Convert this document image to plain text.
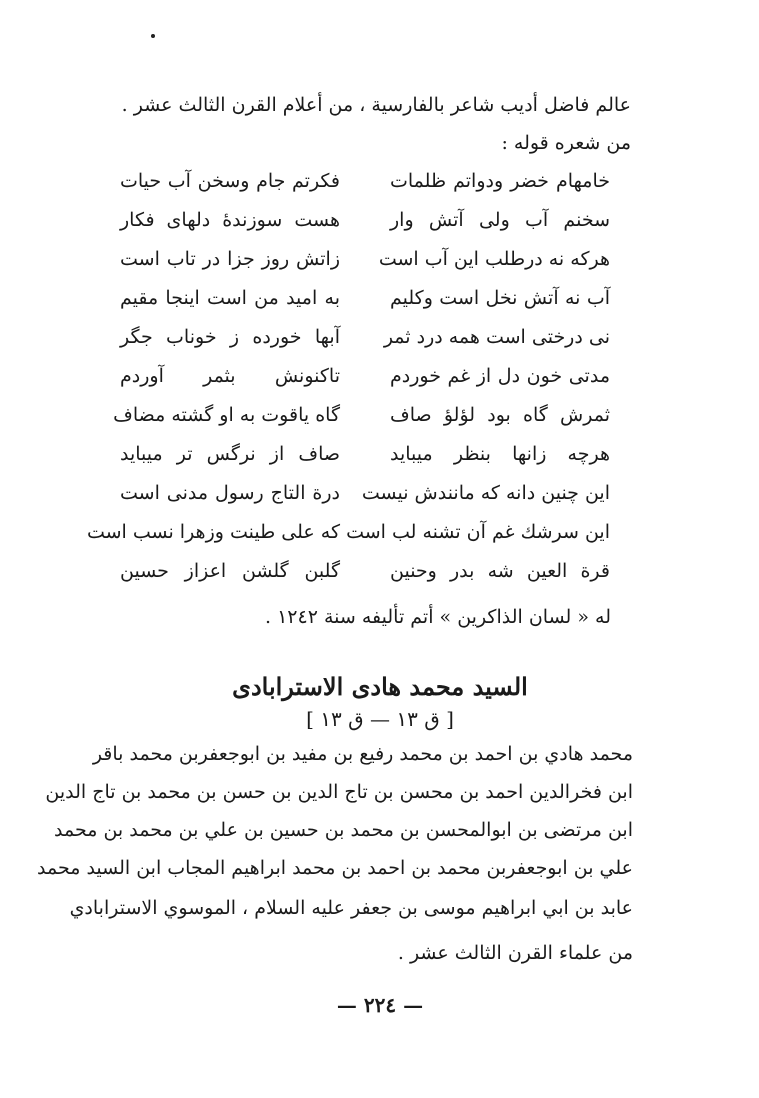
عالم فاضل أديب شاعر بالفارسية ، من أعلام القرن الثالث عشر .
من شعره قوله :
خامهام خضر ودواتم ظلمات
فكرتم جام وسخن آب حيات
سخنم آب ولى آتش وار
هست سوزندهٔ دلهاى فكار
هركه نه درطلب اين آب است
زاتش روز جزا در تاب است
آب نه آتش نخل است وكليم
به اميد من است اينجا مقيم
نى درختى است همه درد ثمر
آبها خورده ز خوناب جگر
مدتى خون دل از غم خوردم
تاكنونش بثمر آوردم
ثمرش گاه بود لؤلؤ صاف
گاه ياقوت به او گشته مضاف
هرچه زانها بنظر ميبايد
صاف از نرگس تر ميبايد
اين چنين دانه كه مانندش نيست
درة التاج رسول مدنى است
اين سرشك غم آن تشنه لب است
كه على طينت وزهرا نسب است
قرة العين شه بدر وحنين
گلبن گلشن اعزاز حسين
له « لسان الذاكرين » أتم تأليفه سنة ١٢٤٢ .
السيد محمد هادى الاسترابادى
[ ق ١٣ — ق ١٣ ]
محمد هادي بن احمد بن محمد رفيع بن مفيد بن ابوجعفربن محمد باقر
ابن فخرالدين احمد بن محسن بن تاج الدين بن حسن بن محمد بن تاج الدين
ابن مرتضى بن ابوالمحسن بن محمد بن حسين بن علي بن محمد بن محمد
علي بن ابوجعفربن محمد بن احمد بن محمد ابراهيم المجاب ابن السيد محمد
عابد بن ابي ابراهيم موسى بن جعفر عليه السلام ، الموسوي الاسترابادي
من علماء القرن الثالث عشر .
— ٢٢٤ —
